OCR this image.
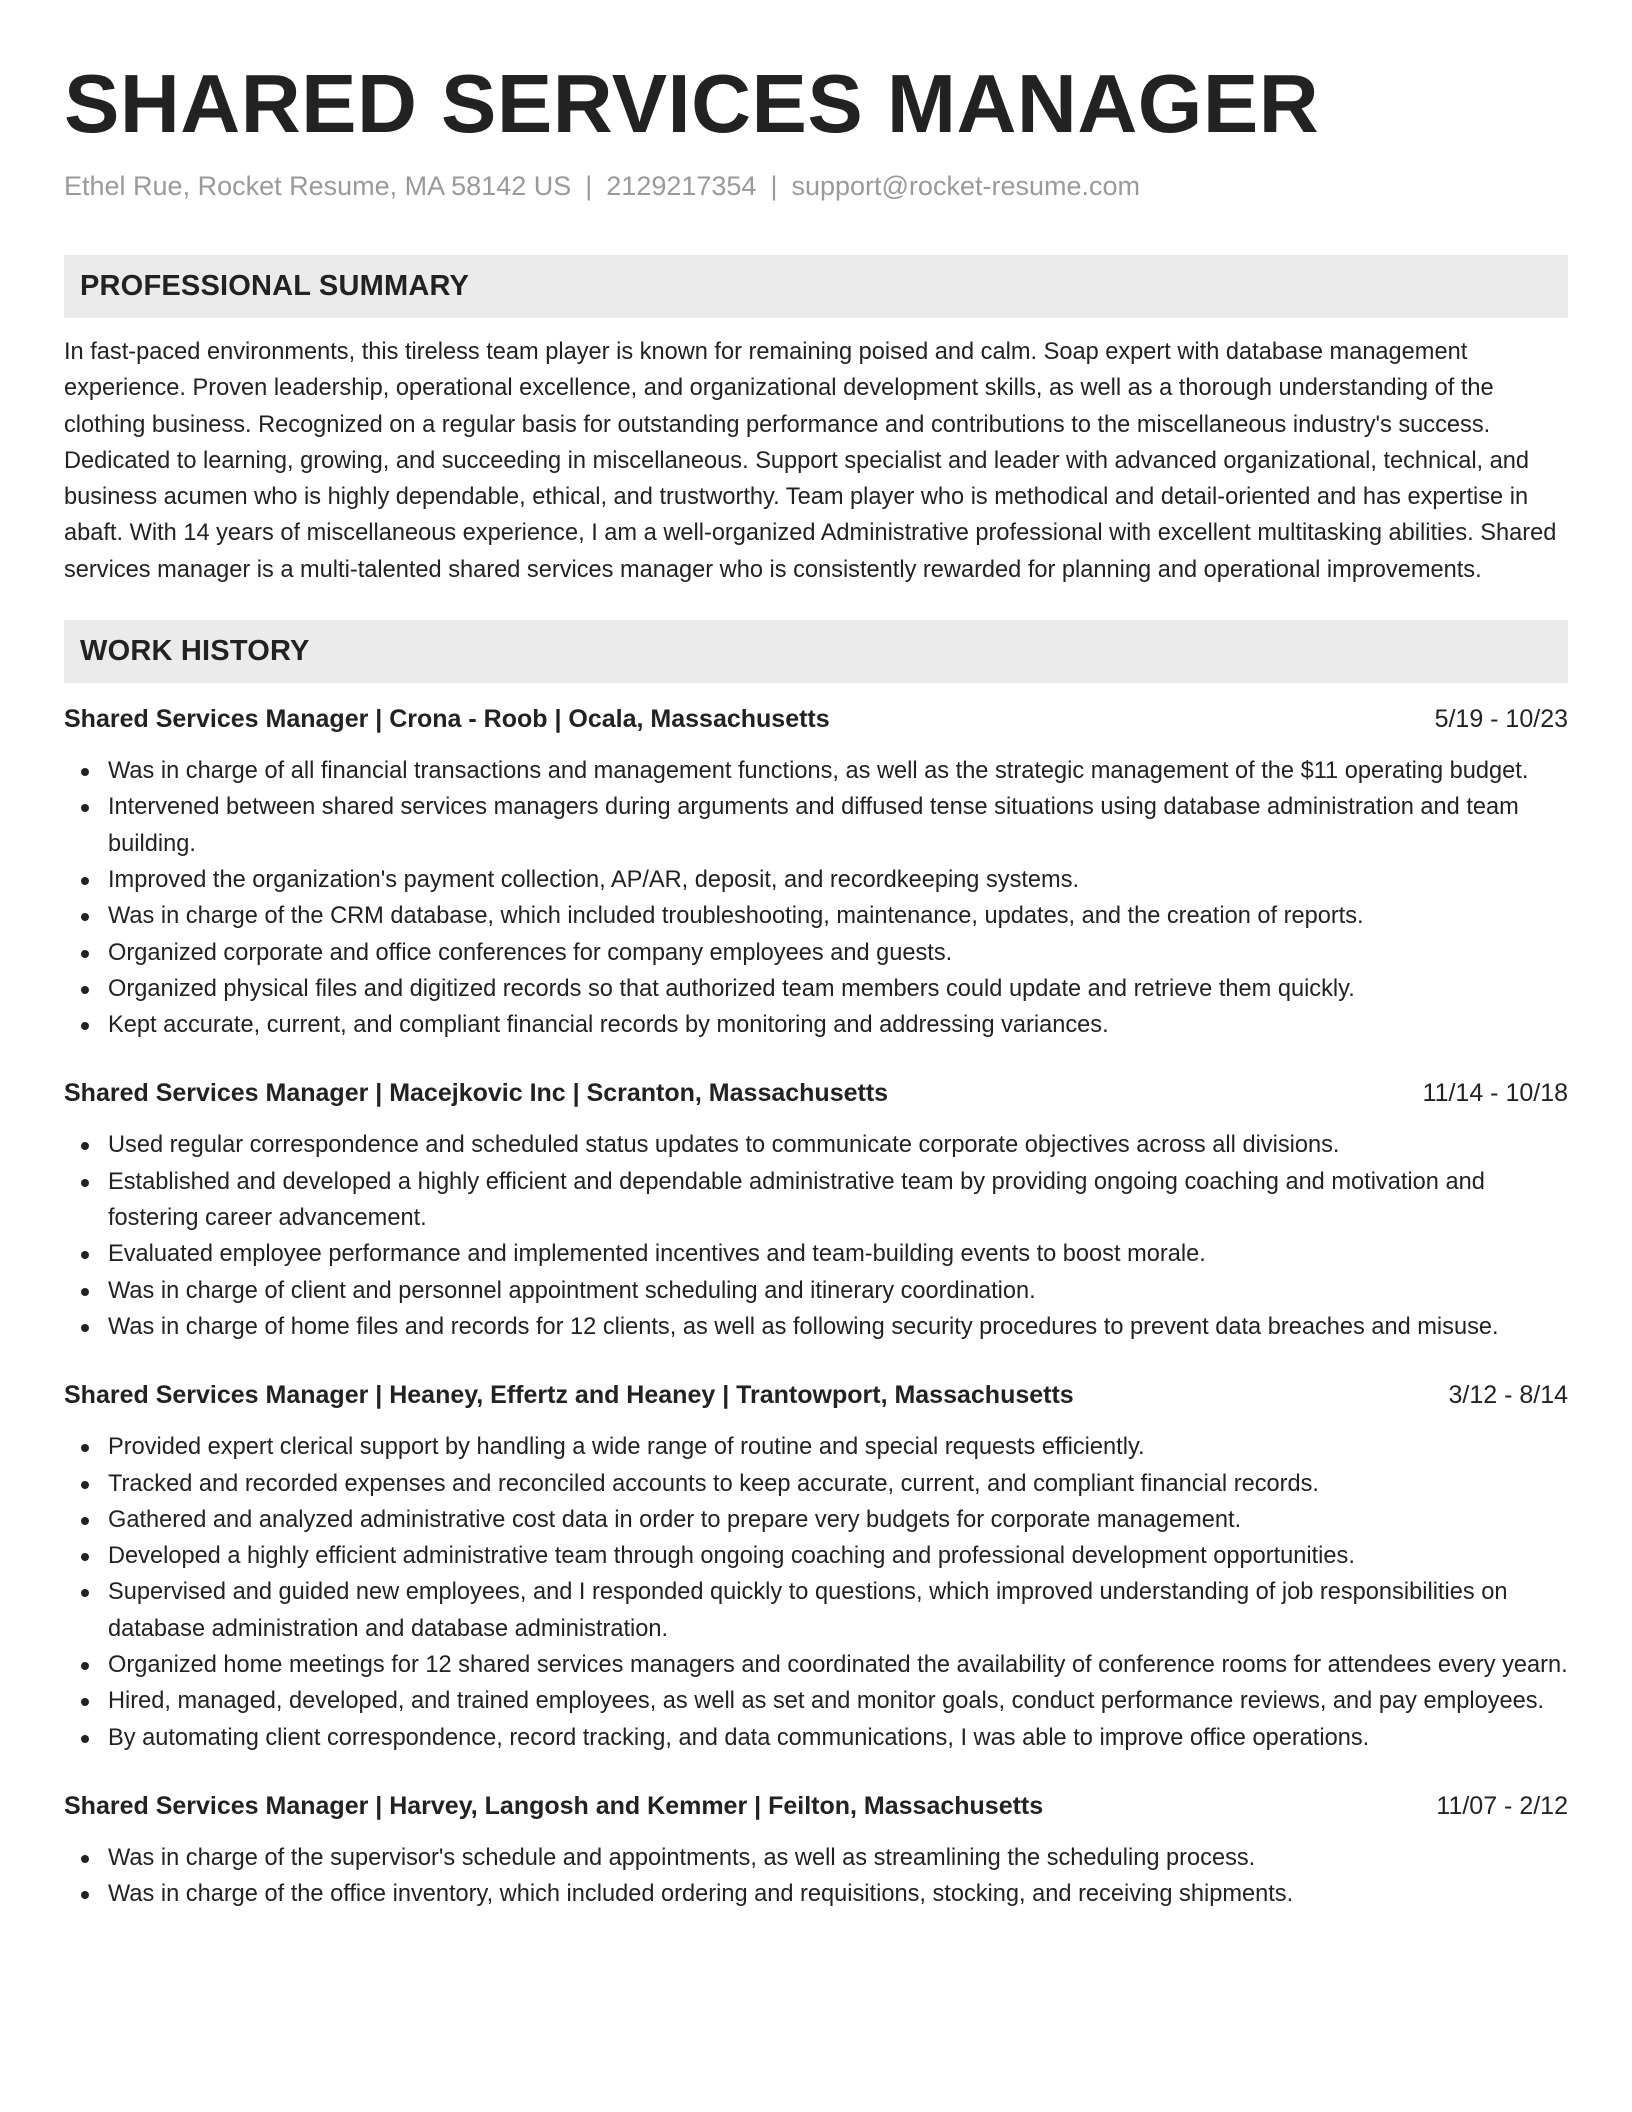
SHARED SERVICES MANAGER
Ethel Rue, Rocket Resume, MA 58142 US | 2129217354 | support@rocket-resume.com
PROFESSIONAL SUMMARY
In fast-paced environments, this tireless team player is known for remaining poised and calm. Soap expert with database management experience. Proven leadership, operational excellence, and organizational development skills, as well as a thorough understanding of the clothing business. Recognized on a regular basis for outstanding performance and contributions to the miscellaneous industry's success. Dedicated to learning, growing, and succeeding in miscellaneous. Support specialist and leader with advanced organizational, technical, and business acumen who is highly dependable, ethical, and trustworthy. Team player who is methodical and detail-oriented and has expertise in abaft. With 14 years of miscellaneous experience, I am a well-organized Administrative professional with excellent multitasking abilities. Shared services manager is a multi-talented shared services manager who is consistently rewarded for planning and operational improvements.
WORK HISTORY
Shared Services Manager | Crona - Roob | Ocala, Massachusetts	5/19 - 10/23
Was in charge of all financial transactions and management functions, as well as the strategic management of the $11 operating budget.
Intervened between shared services managers during arguments and diffused tense situations using database administration and team building.
Improved the organization's payment collection, AP/AR, deposit, and recordkeeping systems.
Was in charge of the CRM database, which included troubleshooting, maintenance, updates, and the creation of reports.
Organized corporate and office conferences for company employees and guests.
Organized physical files and digitized records so that authorized team members could update and retrieve them quickly.
Kept accurate, current, and compliant financial records by monitoring and addressing variances.
Shared Services Manager | Macejkovic Inc | Scranton, Massachusetts	11/14 - 10/18
Used regular correspondence and scheduled status updates to communicate corporate objectives across all divisions.
Established and developed a highly efficient and dependable administrative team by providing ongoing coaching and motivation and fostering career advancement.
Evaluated employee performance and implemented incentives and team-building events to boost morale.
Was in charge of client and personnel appointment scheduling and itinerary coordination.
Was in charge of home files and records for 12 clients, as well as following security procedures to prevent data breaches and misuse.
Shared Services Manager | Heaney, Effertz and Heaney | Trantowport, Massachusetts	3/12 - 8/14
Provided expert clerical support by handling a wide range of routine and special requests efficiently.
Tracked and recorded expenses and reconciled accounts to keep accurate, current, and compliant financial records.
Gathered and analyzed administrative cost data in order to prepare very budgets for corporate management.
Developed a highly efficient administrative team through ongoing coaching and professional development opportunities.
Supervised and guided new employees, and I responded quickly to questions, which improved understanding of job responsibilities on database administration and database administration.
Organized home meetings for 12 shared services managers and coordinated the availability of conference rooms for attendees every yearn.
Hired, managed, developed, and trained employees, as well as set and monitor goals, conduct performance reviews, and pay employees.
By automating client correspondence, record tracking, and data communications, I was able to improve office operations.
Shared Services Manager | Harvey, Langosh and Kemmer | Feilton, Massachusetts	11/07 - 2/12
Was in charge of the supervisor's schedule and appointments, as well as streamlining the scheduling process.
Was in charge of the office inventory, which included ordering and requisitions, stocking, and receiving shipments.
